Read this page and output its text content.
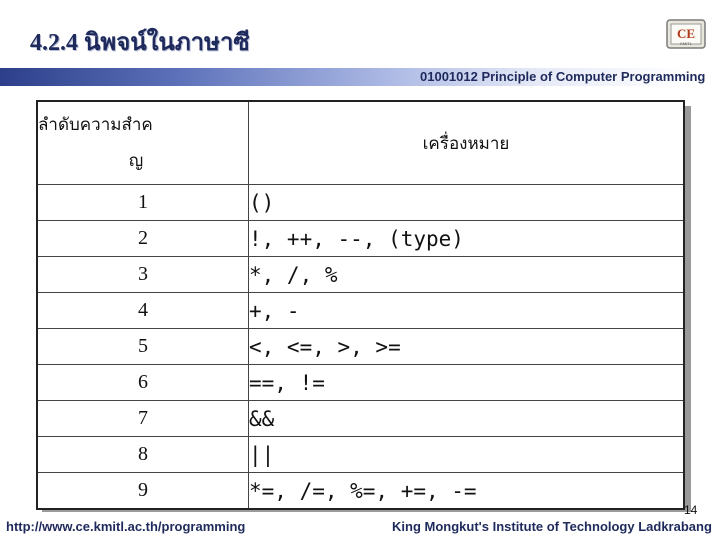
4.2.4 นิพจน์ในภาษาซี	CE
KMITL
01001012 Principle of Computer Programming
ลำดับความสำค
ญ	เครื่องหมาย
1	()
2	!, ++, --, (type)
3	*, /, %
4	+, -
5	<, <=, >, >=
6	==, !=
7	&&
8	||
9	*=, /=, %=, +=, -=
14
http://www.ce.kmitl.ac.th/programming	King Mongkut's Institute of Technology Ladkrabang
